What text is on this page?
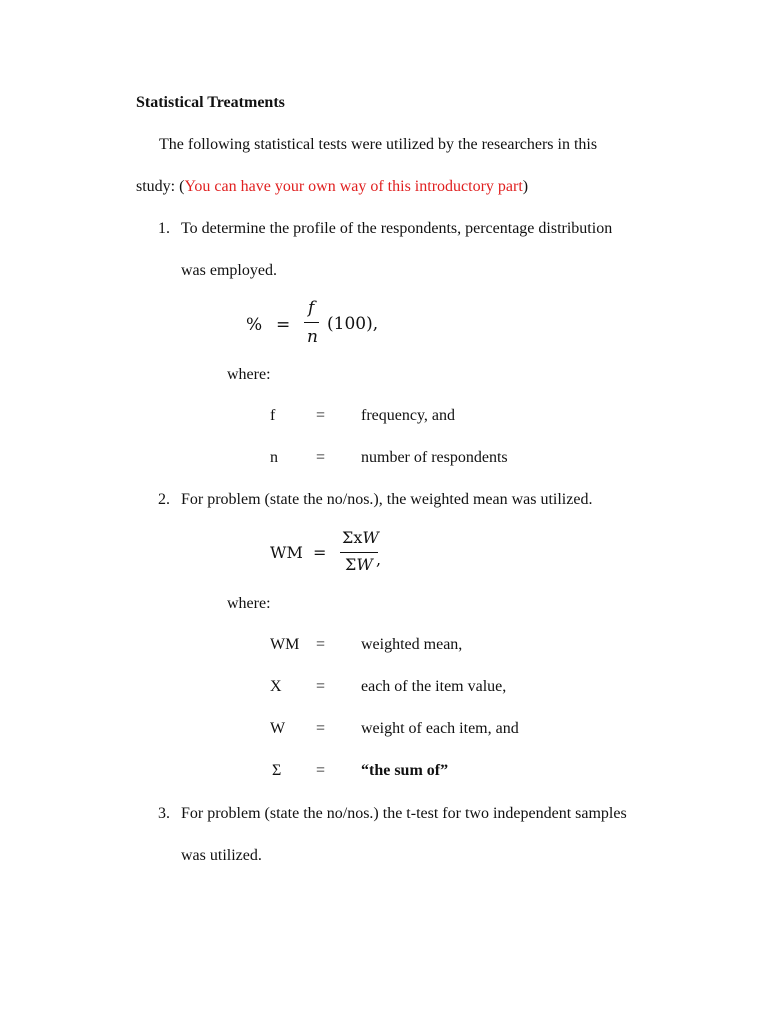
Statistical Treatments
The following statistical tests were utilized by the researchers in this
study: (You can have your own way of this introductory part)
1. To determine the profile of the respondents, percentage distribution
was employed.
% =
f
n
(100),
where:
f	= frequency, and
n = number of respondents
2. For problem (state the no/nos.), the weighted mean was utilized.
WM =
ΣxW
ΣW ,
where:
WM = weighted mean,
X = each of the item value,
W = weight of each item, and
Σ = “the sum of”
3. For problem (state the no/nos.) the t-test for two independent samples
was utilized.
